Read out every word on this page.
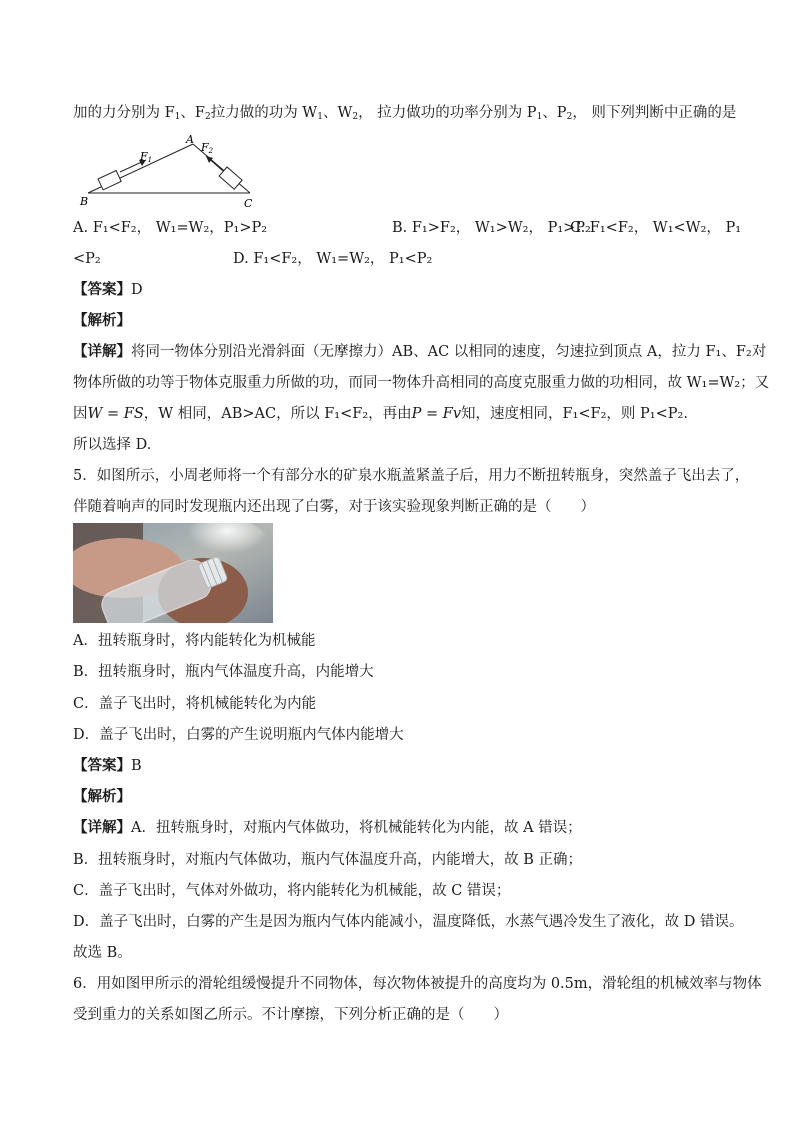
加的力分别为 $F_1$、$F_2$拉力做的功为 $W_1$、$W_2$， 拉力做功的功率分别为 $P_1$、$P_2$， 则下列判断中正确的是
A
B	C
F1
F2
A. F₁<F₂， W₁=W₂，P₁>P₂	B. F₁>F₂， W₁>W₂， P₁>P₂
C. F₁<F₂， W₁<W₂， P₁
<P₂	D. F₁<F₂， W₁=W₂， P₁<P₂
【答案】D
【解析】
【详解】将同一物体分别沿光滑斜面（无摩擦力）AB、AC 以相同的速度，匀速拉到顶点 A，拉力 F₁、F₂对
物体所做的功等于物体克服重力所做的功，而同一物体升高相同的高度克服重力做的功相同，故 W₁=W₂；又
因W = FS，W 相同，AB>AC，所以 F₁<F₂，再由P = Fv知，速度相同，F₁<F₂，则 P₁<P₂.
所以选择 D.
5．如图所示，小周老师将一个有部分水的矿泉水瓶盖紧盖子后，用力不断扭转瓶身，突然盖子飞出去了，
伴随着响声的同时发现瓶内还出现了白雾，对于该实验现象判断正确的是（　　）
A．扭转瓶身时，将内能转化为机械能
B．扭转瓶身时，瓶内气体温度升高，内能增大
C．盖子飞出时，将机械能转化为内能
D．盖子飞出时，白雾的产生说明瓶内气体内能增大
【答案】B
【解析】
【详解】A．扭转瓶身时，对瓶内气体做功，将机械能转化为内能，故 A 错误；
B．扭转瓶身时，对瓶内气体做功，瓶内气体温度升高，内能增大，故 B 正确；
C．盖子飞出时，气体对外做功，将内能转化为机械能，故 C 错误；
D．盖子飞出时，白雾的产生是因为瓶内气体内能减小，温度降低，水蒸气遇冷发生了液化，故 D 错误。
故选 B。
6．用如图甲所示的滑轮组缓慢提升不同物体，每次物体被提升的高度均为 0.5m，滑轮组的机械效率与物体
受到重力的关系如图乙所示。不计摩擦，下列分析正确的是（　　）
